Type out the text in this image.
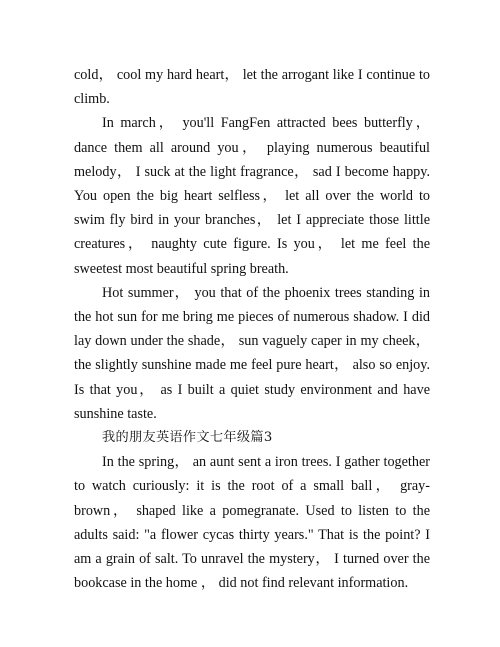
cold， cool my hard heart， let the arrogant like I continue to climb.

In march， you'll FangFen attracted bees butterfly， dance them all around you， playing numerous beautiful melody， I suck at the light fragrance， sad I become happy. You open the big heart selfless， let all over the world to swim fly bird in your branches， let I appreciate those little creatures， naughty cute figure. Is you， let me feel the sweetest most beautiful spring breath.

Hot summer， you that of the phoenix trees standing in the hot sun for me bring me pieces of numerous shadow. I did lay down under the shade， sun vaguely caper in my cheek， the slightly sunshine made me feel pure heart， also so enjoy. Is that you， as I built a quiet study environment and have sunshine taste.

我的朋友英语作文七年级篇3

In the spring， an aunt sent a iron trees. I gather together to watch curiously: it is the root of a small ball， gray-brown， shaped like a pomegranate. Used to listen to the adults said: "a flower cycas thirty years." That is the point? I am a grain of salt. To unravel the mystery， I turned over the bookcase in the home ， did not find relevant information.
